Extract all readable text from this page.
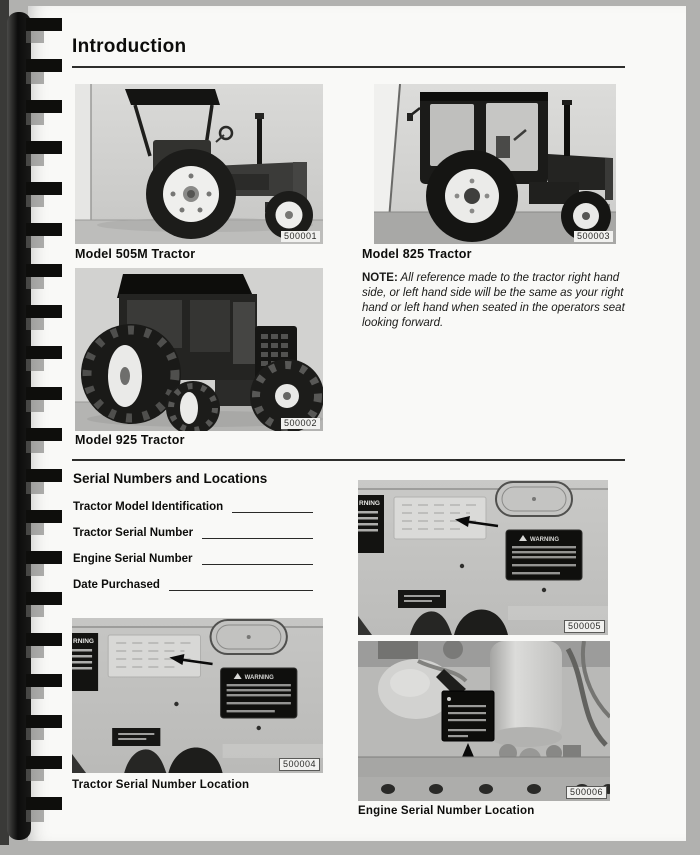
Introduction
500001
Model 505M Tractor
500003
Model 825 Tractor

NOTE: All reference made to the tractor right hand side, or left hand side will be the same as your right hand or left hand when seated in the operators seat looking forward.

500002
Model 925 Tractor
Serial Numbers and Locations
Tractor Model Identification
Tractor Serial Number
Engine Serial Number
Date Purchased
RNING
WARNING
500005
RNING
WARNING
500004
Tractor Serial Number Location
500006
Engine Serial Number Location
